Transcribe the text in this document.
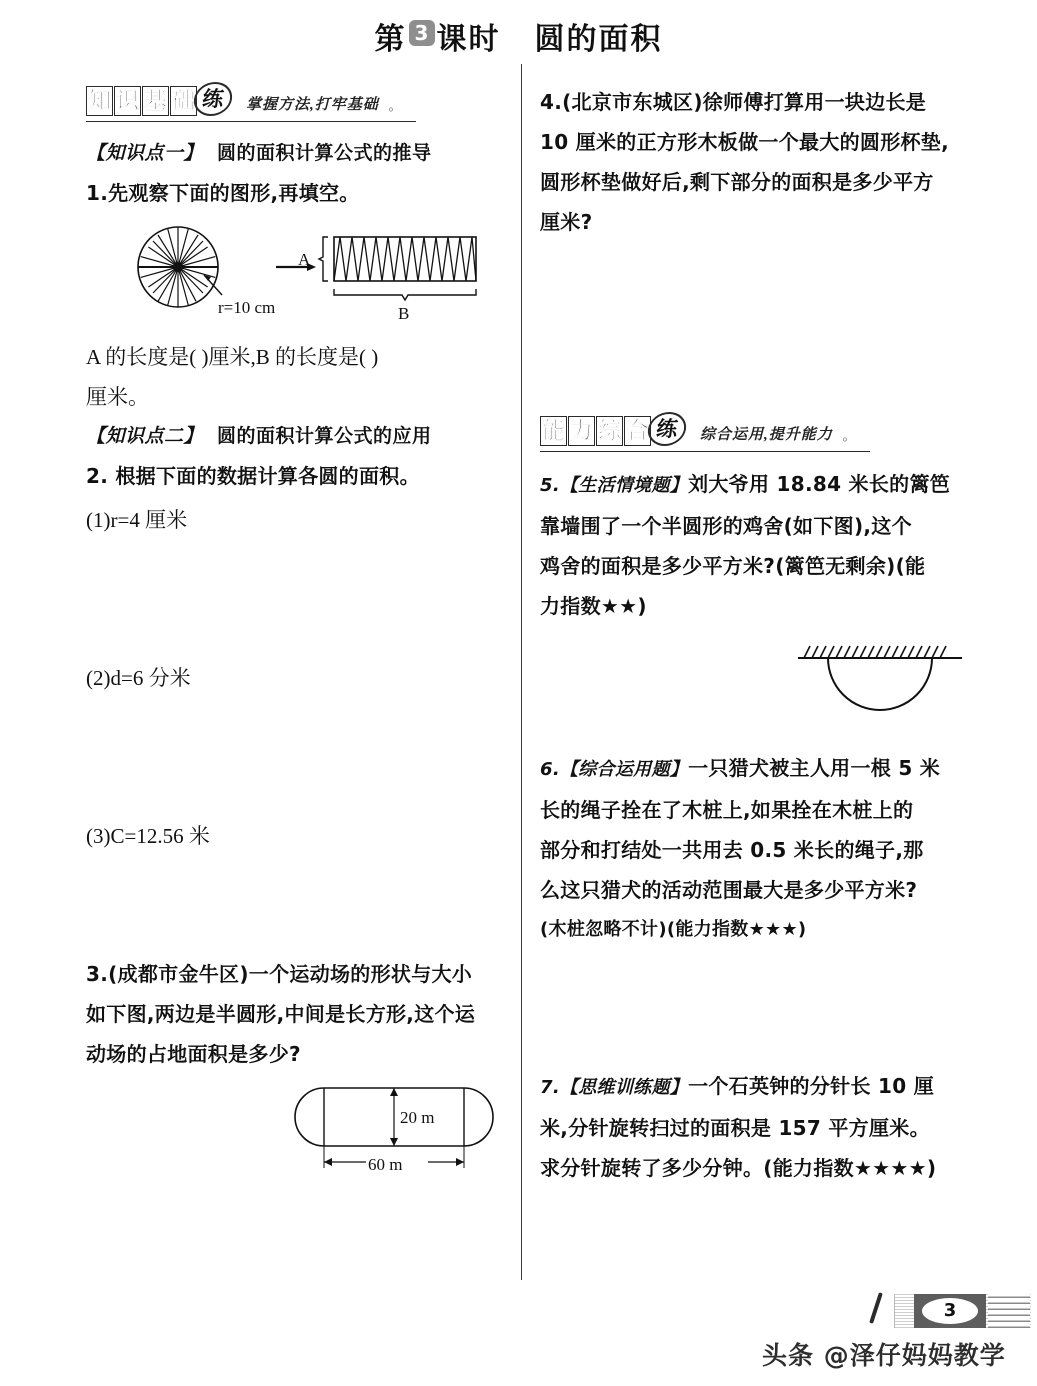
第 3 课时 圆的面积
知 识 基 础 练 掌握方法,打牢基础 。
【知识点一】 圆的面积计算公式的推导
1.先观察下面的图形,再填空。
r=10 cm
A
B
A 的长度是( )厘米,B 的长度是( )
厘米。
【知识点二】 圆的面积计算公式的应用
2. 根据下面的数据计算各圆的面积。
(1)r=4 厘米
(2)d=6 分米
(3)C=12.56 米
3.(成都市金牛区)一个运动场的形状与大小
如下图,两边是半圆形,中间是长方形,这个运
动场的占地面积是多少?
20 m
60 m
4.(北京市东城区)徐师傅打算用一块边长是
10 厘米的正方形木板做一个最大的圆形杯垫,
圆形杯垫做好后,剩下部分的面积是多少平方
厘米?
能 力 综 合 练 综合运用,提升能力 。
5.【生活情境题】刘大爷用 18.84 米长的篱笆
靠墙围了一个半圆形的鸡舍(如下图),这个
鸡舍的面积是多少平方米?(篱笆无剩余)(能
力指数★★)
6.【综合运用题】一只猎犬被主人用一根 5 米
长的绳子拴在了木桩上,如果拴在木桩上的
部分和打结处一共用去 0.5 米长的绳子,那
么这只猎犬的活动范围最大是多少平方米?
(木桩忽略不计)(能力指数★★★)
7.【思维训练题】一个石英钟的分针长 10 厘
米,分针旋转扫过的面积是 157 平方厘米。
求分针旋转了多少分钟。(能力指数★★★★)
3
头条 @泽仔妈妈教学
